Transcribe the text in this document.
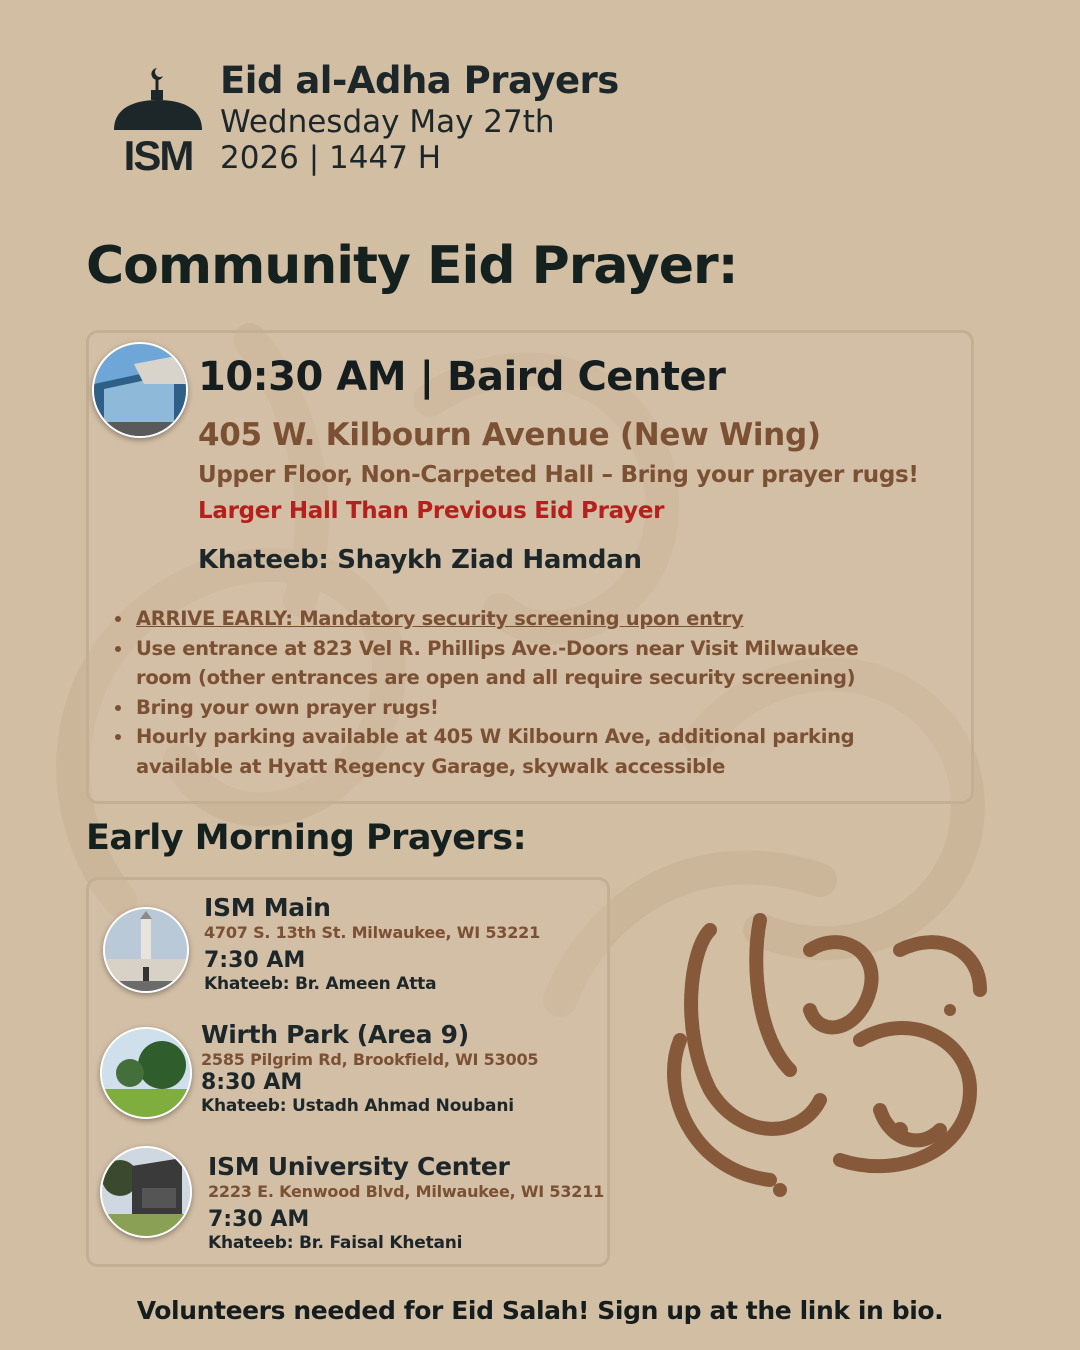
ISM
Eid al-Adha Prayers
Wednesday May 27th
2026 | 1447 H
Community Eid Prayer:
10:30 AM | Baird Center
405 W. Kilbourn Avenue (New Wing)
Upper Floor, Non-Carpeted Hall – Bring your prayer rugs!
Larger Hall Than Previous Eid Prayer
Khateeb: Shaykh Ziad Hamdan
• ARRIVE EARLY: Mandatory security screening upon entry
• Use entrance at 823 Vel R. Phillips Ave.-Doors near Visit Milwaukee room (other entrances are open and all require security screening)
• Bring your own prayer rugs!
• Hourly parking available at 405 W Kilbourn Ave, additional parking available at Hyatt Regency Garage, skywalk accessible
Early Morning Prayers:
ISM Main
4707 S. 13th St. Milwaukee, WI 53221
7:30 AM
Khateeb: Br. Ameen Atta
Wirth Park (Area 9)
2585 Pilgrim Rd, Brookfield, WI 53005
8:30 AM
Khateeb: Ustadh Ahmad Noubani
ISM University Center
2223 E. Kenwood Blvd, Milwaukee, WI 53211
7:30 AM
Khateeb: Br. Faisal Khetani
Volunteers needed for Eid Salah! Sign up at the link in bio.
